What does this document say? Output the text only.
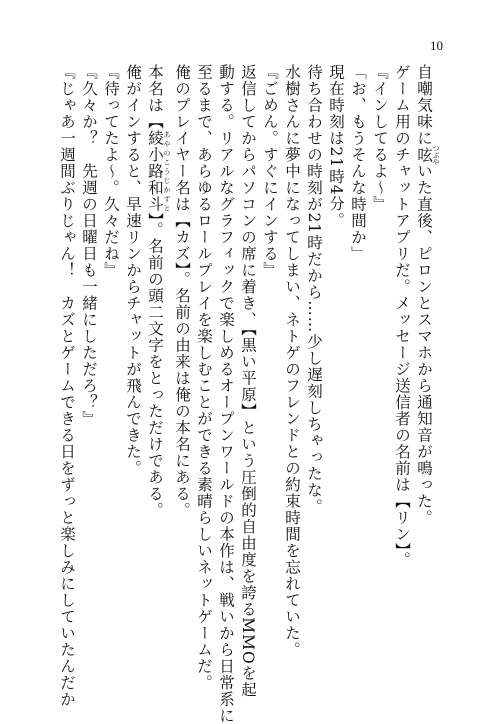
10
自嘲気味に呟 つぶやいた直後、ピロンとスマホから通知音が鳴った。
ゲーム用のチャットアプリだ。メッセージ送信者の名前は【リン】。
『インしてるよ〜』
「お、もうそんな時間か」
現在時刻は21時4分。
待ち合わせの時刻が21時だから……少し遅刻しちゃったな。
水樹さんに夢中になってしまい、ネトゲのフレンドとの約束時間を忘れていた。
『ごめん。すぐにインする』
返信してからパソコンの席に着き、【黒い平原】という圧倒的自由度を誇るMMOを起
動する。リアルなグラフィックで楽しめるオープンワールドの本作は、戦いから日常系に
至るまで、あらゆるロールプレイを楽しむことができる素晴らしいネットゲームだ。
俺のプレイヤー名は【カズ】。名前の由来は俺の本名にある。
本名は【綾小路和斗 あやのこうじかずと】。名前の頭二文字をとっただけである。
俺がインすると、早速リンからチャットが飛んできた。
『待ってたよ〜。久々だね』
『久々か？　先週の日曜日も一緒にしただろ？』
『じゃあ一週間ぶりじゃん！　カズとゲームできる日をずっと楽しみにしていたんだか
